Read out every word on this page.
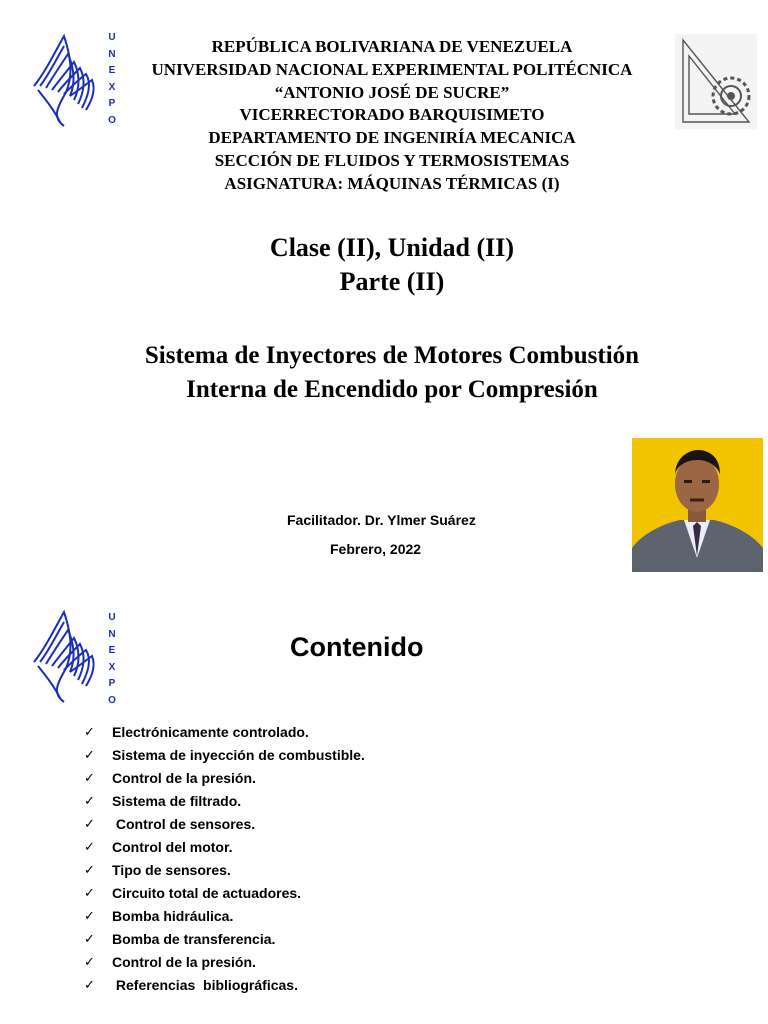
U
N
E
X
P
O
REPÚBLICA BOLIVARIANA DE VENEZUELA
UNIVERSIDAD NACIONAL EXPERIMENTAL POLITÉCNICA
“ANTONIO JOSÉ DE SUCRE”
VICERRECTORADO BARQUISIMETO
DEPARTAMENTO DE INGENIRÍA MECANICA
SECCIÓN DE FLUIDOS Y TERMOSISTEMAS
ASIGNATURA: MÁQUINAS TÉRMICAS (I)
Clase (II), Unidad (II)
Parte (II)
Sistema de Inyectores de Motores Combustión
Interna de Encendido por Compresión
Facilitador. Dr. Ylmer Suárez
Febrero, 2022
U
N
E
X
P
O
Contenido
✓	Electrónicamente controlado.
✓	Sistema de inyección de combustible.
✓	Control de la presión.
✓	Sistema de filtrado.
✓	Control de sensores.
✓	Control del motor.
✓	Tipo de sensores.
✓	Circuito total de actuadores.
✓	Bomba hidráulica.
✓	Bomba de transferencia.
✓	Control de la presión.
✓	Referencias  bibliográficas.
